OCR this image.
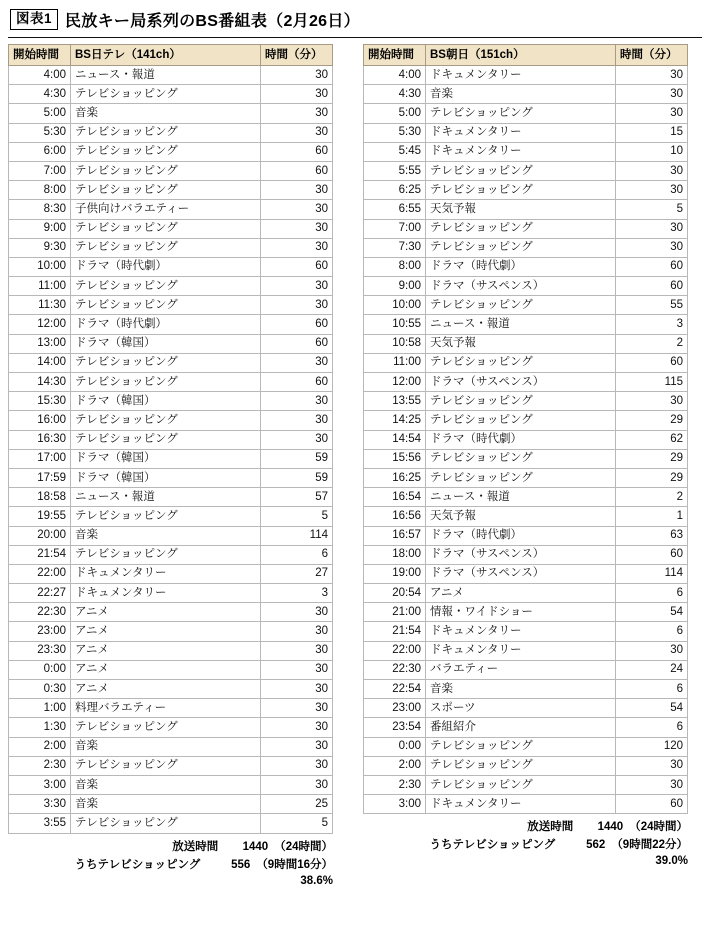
図表1 民放キー局系列のBS番組表（2月26日）
開始時間	BS日テレ（141ch）	時間（分）
4:00	ニュース・報道	30
4:30	テレビショッピング	30
5:00	音楽	30
5:30	テレビショッピング	30
6:00	テレビショッピング	60
7:00	テレビショッピング	60
8:00	テレビショッピング	30
8:30	子供向けバラエティー	30
9:00	テレビショッピング	30
9:30	テレビショッピング	30
10:00	ドラマ（時代劇）	60
11:00	テレビショッピング	30
11:30	テレビショッピング	30
12:00	ドラマ（時代劇）	60
13:00	ドラマ（韓国）	60
14:00	テレビショッピング	30
14:30	テレビショッピング	60
15:30	ドラマ（韓国）	30
16:00	テレビショッピング	30
16:30	テレビショッピング	30
17:00	ドラマ（韓国）	59
17:59	ドラマ（韓国）	59
18:58	ニュース・報道	57
19:55	テレビショッピング	5
20:00	音楽	114
21:54	テレビショッピング	6
22:00	ドキュメンタリー	27
22:27	ドキュメンタリー	3
22:30	アニメ	30
23:00	アニメ	30
23:30	アニメ	30
0:00	アニメ	30
0:30	アニメ	30
1:00	料理バラエティー	30
1:30	テレビショッピング	30
2:00	音楽	30
2:30	テレビショッピング	30
3:00	音楽	30
3:30	音楽	25
3:55	テレビショッピング	5
放送時間	1440 （24時間）
うちテレビショッピング	556 （9時間16分）
38.6%
開始時間	BS朝日（151ch）	時間（分）
4:00	ドキュメンタリー	30
4:30	音楽	30
5:00	テレビショッピング	30
5:30	ドキュメンタリー	15
5:45	ドキュメンタリー	10
5:55	テレビショッピング	30
6:25	テレビショッピング	30
6:55	天気予報	5
7:00	テレビショッピング	30
7:30	テレビショッピング	30
8:00	ドラマ（時代劇）	60
9:00	ドラマ（サスペンス）	60
10:00	テレビショッピング	55
10:55	ニュース・報道	3
10:58	天気予報	2
11:00	テレビショッピング	60
12:00	ドラマ（サスペンス）	115
13:55	テレビショッピング	30
14:25	テレビショッピング	29
14:54	ドラマ（時代劇）	62
15:56	テレビショッピング	29
16:25	テレビショッピング	29
16:54	ニュース・報道	2
16:56	天気予報	1
16:57	ドラマ（時代劇）	63
18:00	ドラマ（サスペンス）	60
19:00	ドラマ（サスペンス）	114
20:54	アニメ	6
21:00	情報・ワイドショー	54
21:54	ドキュメンタリー	6
22:00	ドキュメンタリー	30
22:30	バラエティー	24
22:54	音楽	6
23:00	スポーツ	54
23:54	番組紹介	6
0:00	テレビショッピング	120
2:00	テレビショッピング	30
2:30	テレビショッピング	30
3:00	ドキュメンタリー	60
放送時間	1440 （24時間）
うちテレビショッピング	562 （9時間22分）
39.0%
